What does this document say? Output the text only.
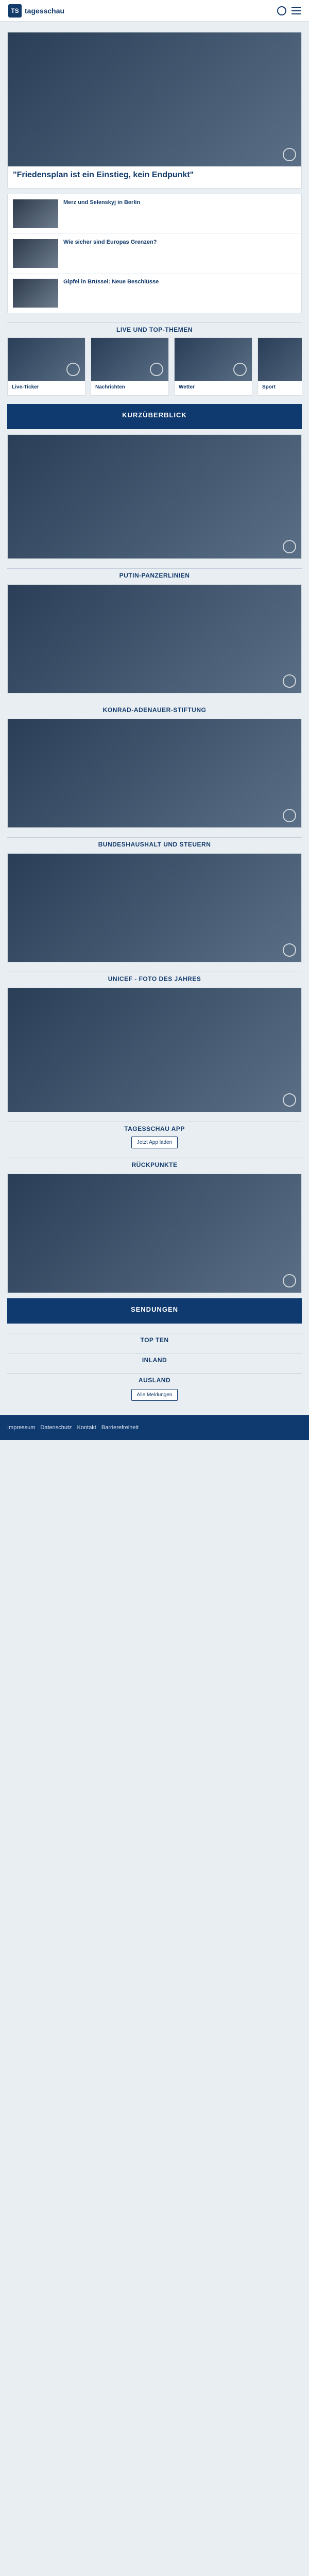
TS tagesschau
"Friedensplan ist ein Einstieg, kein Endpunkt"
Merz und Selenskyj in Berlin
Wie sicher sind Europas Grenzen?
Gipfel in Brüssel: Neue Beschlüsse
LIVE UND TOP-THEMEN
Live-Ticker	Nachrichten	Wetter	Sport
KURZÜBERBLICK

PUTIN-PANZERLINIEN
KONRAD-ADENAUER-STIFTUNG
BUNDESHAUSHALT UND STEUERN
UNICEF - FOTO DES JAHRES
TAGESSCHAU APP
Jetzt App laden
RÜCKPUNKTE
SENDUNGEN
TOP TEN
INLAND
AUSLAND
Alle Meldungen
Impressum Datenschutz Kontakt Barrierefreiheit
